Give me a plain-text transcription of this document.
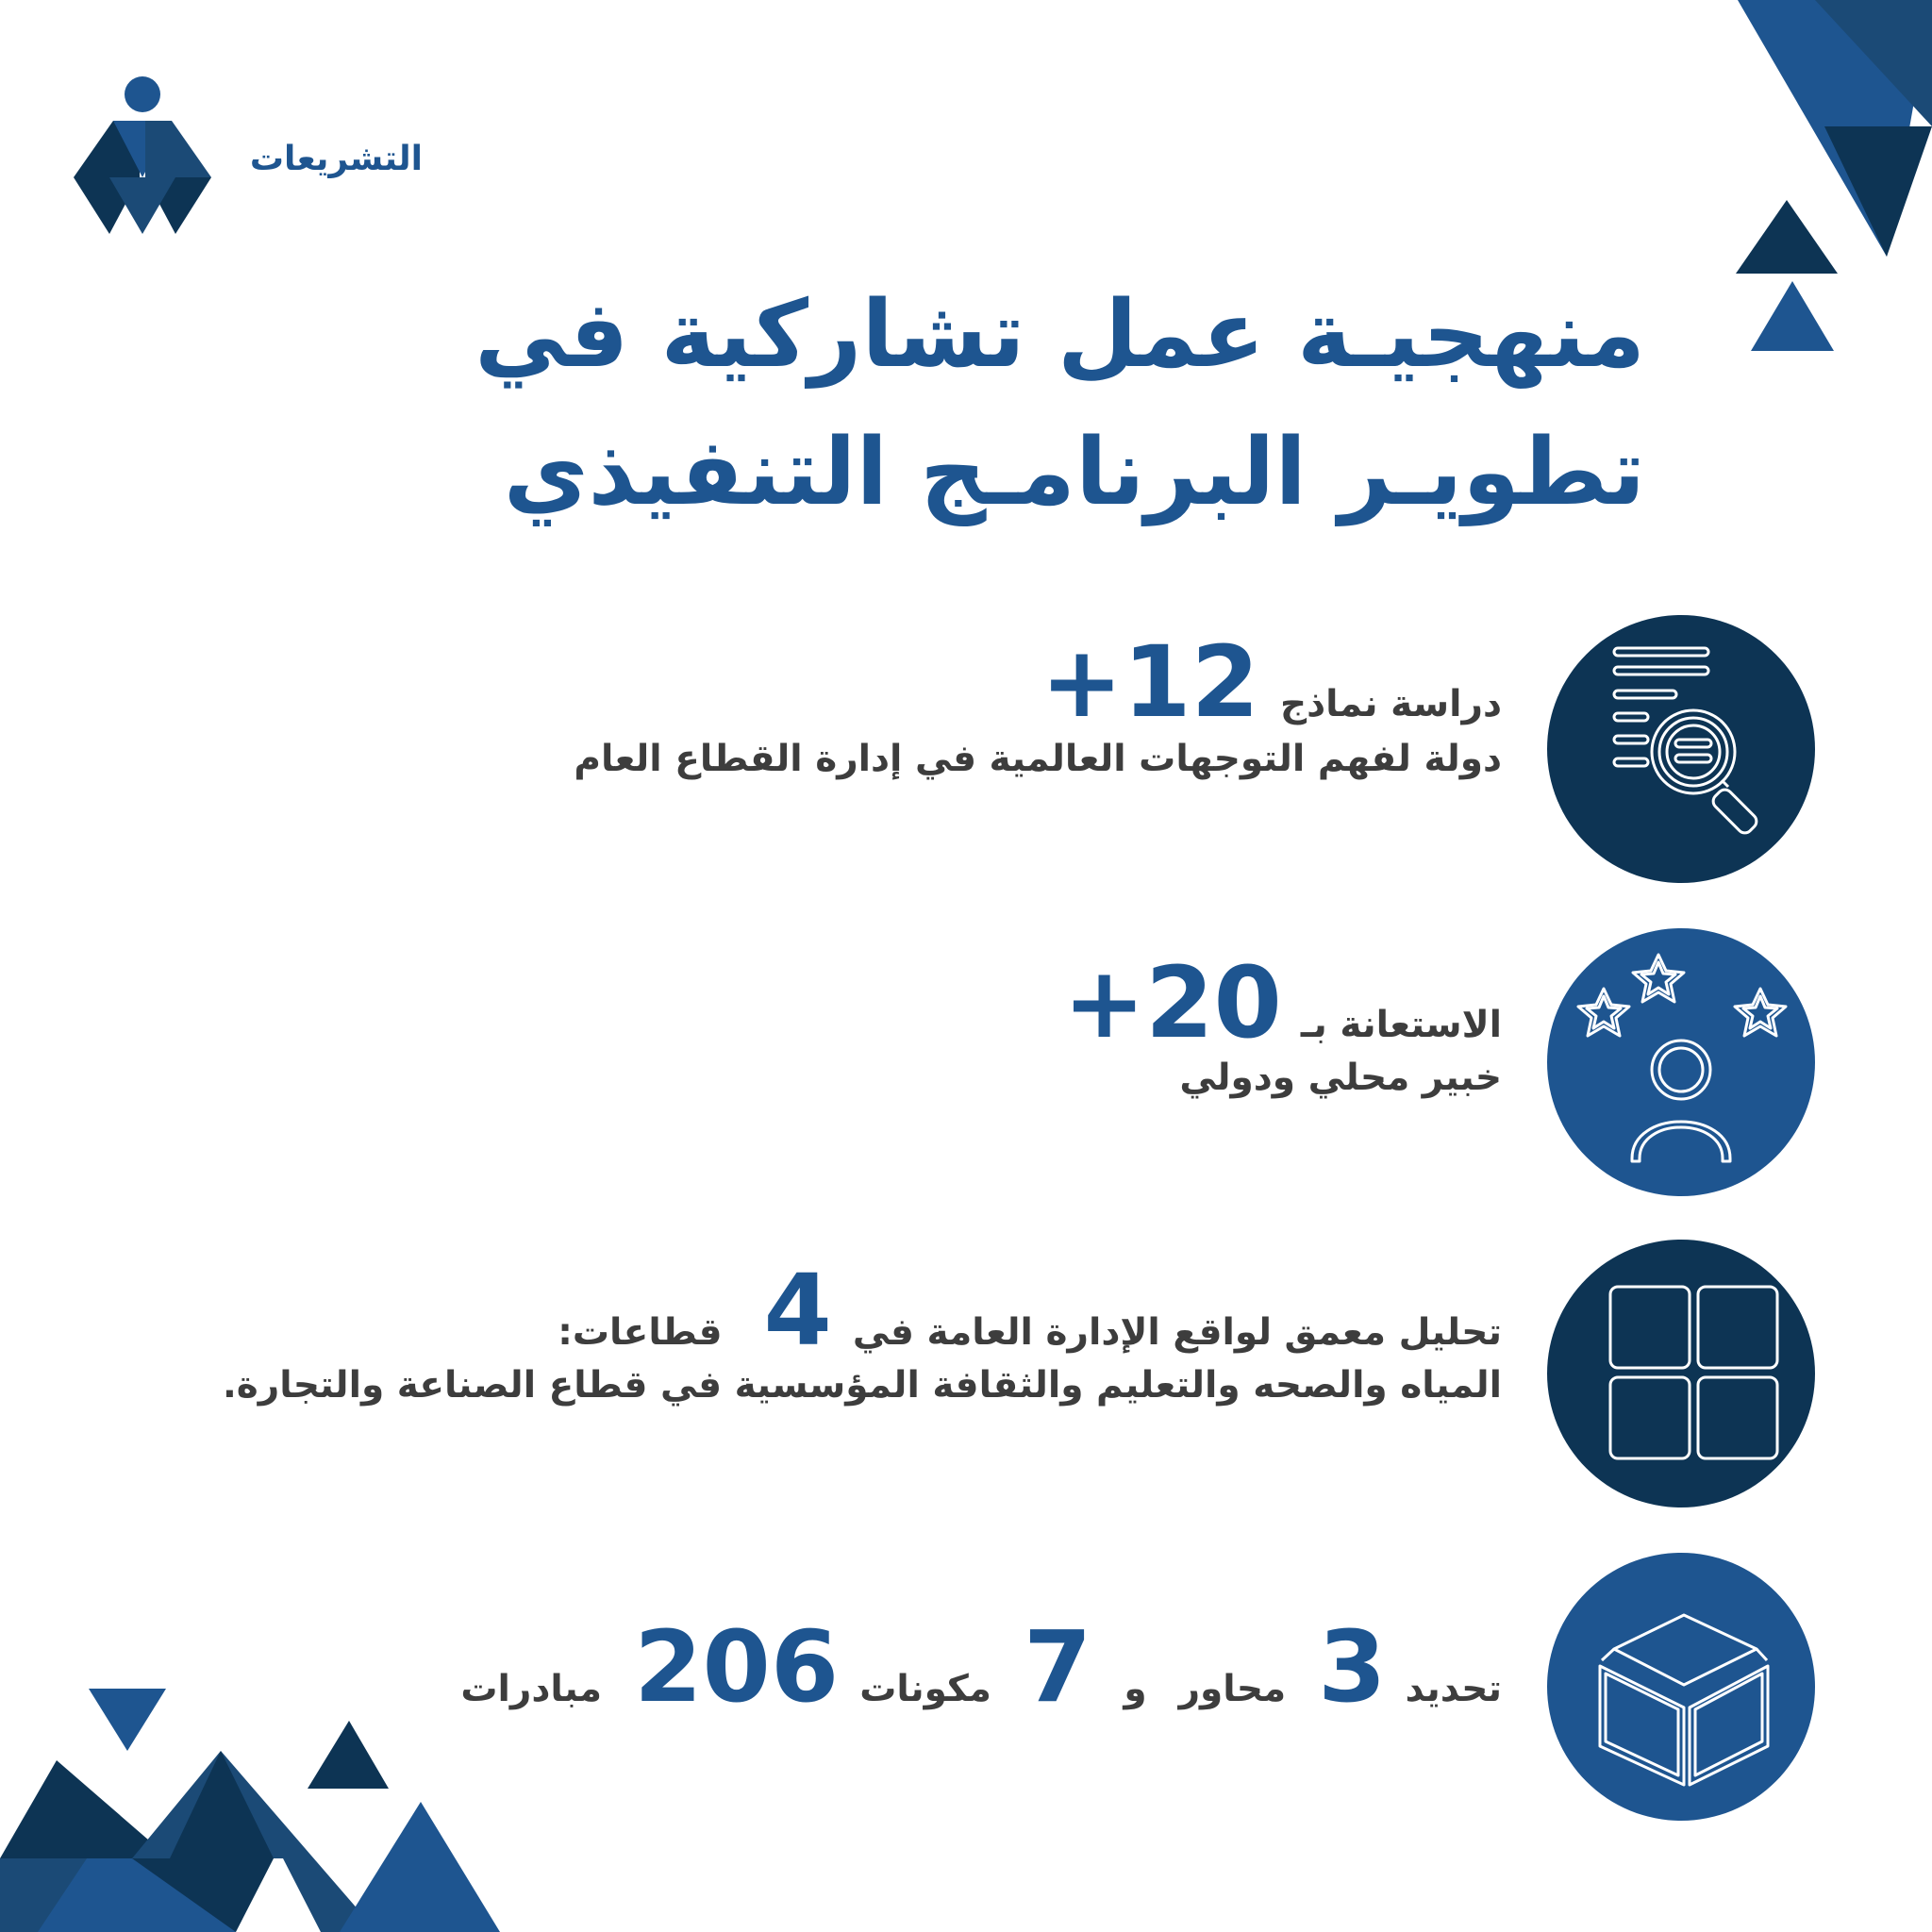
التشريعات
منهجيـة عمل تشاركية في
تطويـر البرنامـج التنفيذي
دراسة نماذج
+12
دولة لفهم التوجهات العالمية في إدارة القطاع العام
الاستعانة بـ
+20
خبير محلي ودولي
تحليل معمق لواقع الإدارة العامة في
4
قطاعات:
المياه والصحه والتعليم والثقافة المؤسسية في قطاع الصناعة والتجارة.
تحديد
3
محاور
و
7
مكونات
206
مبادرات
